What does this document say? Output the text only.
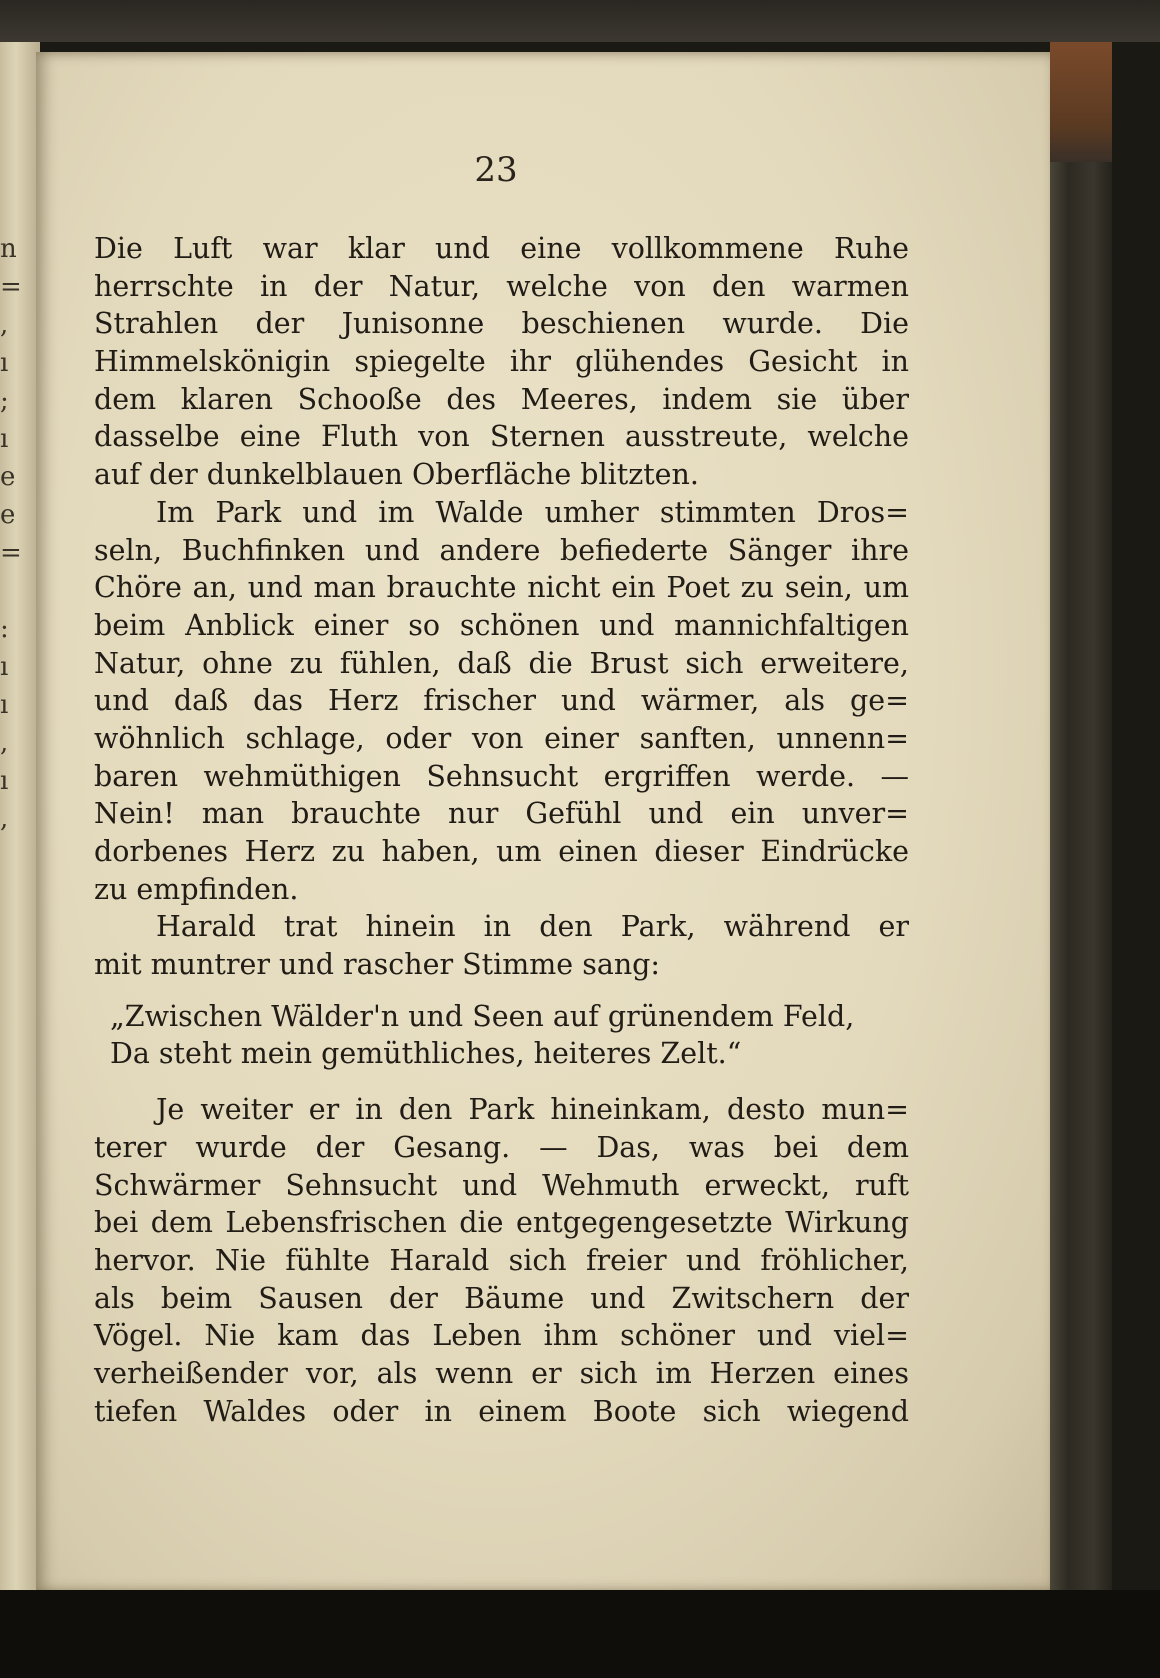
n
=
,
ı
;
ı
e
e
=

:
ı
ı
,
ı
,
23
Die Luft war klar und eine vollkommene Ruhe
herrschte in der Natur, welche von den warmen
Strahlen der Junisonne beschienen wurde. Die
Himmelskönigin spiegelte ihr glühendes Gesicht in
dem klaren Schooße des Meeres, indem sie über
dasselbe eine Fluth von Sternen ausstreute, welche
auf der dunkelblauen Oberfläche blitzten.
Im Park und im Walde umher stimmten Dros=
seln, Buchfinken und andere befiederte Sänger ihre
Chöre an, und man brauchte nicht ein Poet zu sein, um
beim Anblick einer so schönen und mannichfaltigen
Natur, ohne zu fühlen, daß die Brust sich erweitere,
und daß das Herz frischer und wärmer, als ge=
wöhnlich schlage, oder von einer sanften, unnenn=
baren wehmüthigen Sehnsucht ergriffen werde. —
Nein! man brauchte nur Gefühl und ein unver=
dorbenes Herz zu haben, um einen dieser Eindrücke
zu empfinden.
Harald trat hinein in den Park, während er
mit muntrer und rascher Stimme sang:
„Zwischen Wälder'n und Seen auf grünendem Feld,
Da steht mein gemüthliches, heiteres Zelt.“
Je weiter er in den Park hineinkam, desto mun=
terer wurde der Gesang. — Das, was bei dem
Schwärmer Sehnsucht und Wehmuth erweckt, ruft
bei dem Lebensfrischen die entgegengesetzte Wirkung
hervor. Nie fühlte Harald sich freier und fröhlicher,
als beim Sausen der Bäume und Zwitschern der
Vögel. Nie kam das Leben ihm schöner und viel=
verheißender vor, als wenn er sich im Herzen eines
tiefen Waldes oder in einem Boote sich wiegend
